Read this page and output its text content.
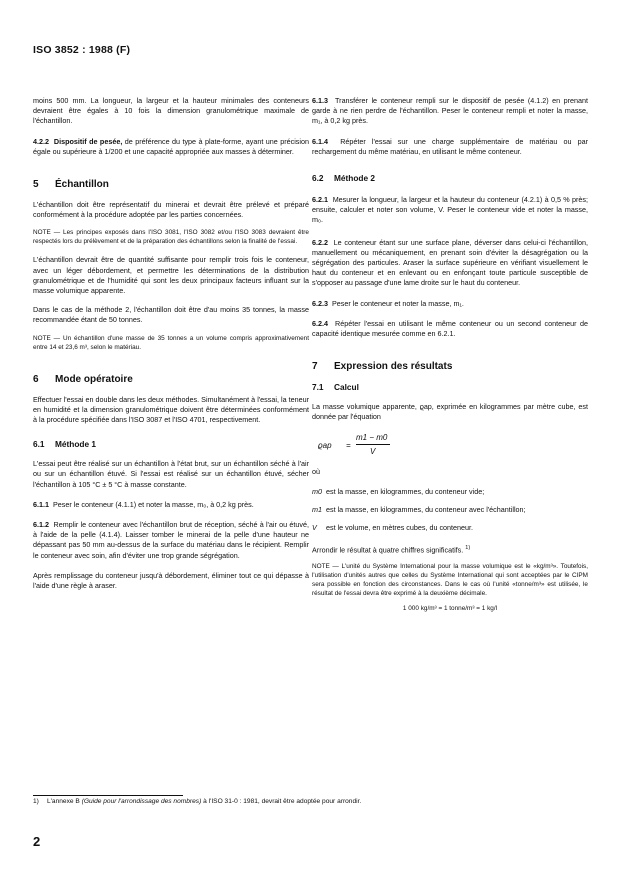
ISO 3852 : 1988 (F)

moins 500 mm. La longueur, la largeur et la hauteur minimales des conteneurs devraient être égales à 10 fois la dimension granulométrique maximale de l'échantillon.

4.2.2 Dispositif de pesée, de préférence du type à plate-forme, ayant une précision égale ou supérieure à 1/200 et une capacité appropriée aux masses à déterminer.

5 Échantillon

L'échantillon doit être représentatif du minerai et devrait être prélevé et préparé conformément à la procédure adoptée par les parties concernées.

NOTE — Les principes exposés dans l'ISO 3081, l'ISO 3082 et/ou l'ISO 3083 devraient être respectés lors du prélèvement et de la préparation des échantillons selon la finalité de l'essai.

L'échantillon devrait être de quantité suffisante pour remplir trois fois le conteneur, avec un léger débordement, et permettre les déterminations de la distribution granulométrique et de l'humidité qui sont les deux principaux facteurs influant sur la masse volumique apparente.

Dans le cas de la méthode 2, l'échantillon doit être d'au moins 35 tonnes, la masse recommandée étant de 50 tonnes.

NOTE — Un échantillon d'une masse de 35 tonnes a un volume compris approximativement entre 14 et 23,6 m³, selon le matériau.

6 Mode opératoire

Effectuer l'essai en double dans les deux méthodes. Simultanément à l'essai, la teneur en humidité et la dimension granulométrique doivent être déterminées conformément à la procédure spécifiée dans l'ISO 3087 et l'ISO 4701, respectivement.

6.1 Méthode 1

L'essai peut être réalisé sur un échantillon à l'état brut, sur un échantillon séché à l'air ou sur un échantillon étuvé. Si l'essai est réalisé sur un échantillon étuvé, sécher l'échantillon à 105 °C ± 5 °C à masse constante.

6.1.1 Peser le conteneur (4.1.1) et noter la masse, m₀, à 0,2 kg près.

6.1.2 Remplir le conteneur avec l'échantillon brut de réception, séché à l'air ou étuvé, à l'aide de la pelle (4.1.4). Laisser tomber le minerai de la pelle d'une hauteur ne dépassant pas 50 mm au-dessus de la surface du matériau dans le récipient. Remplir le conteneur avec soin, afin d'éviter une trop grande ségrégation.

Après remplissage du conteneur jusqu'à débordement, éliminer tout ce qui dépasse à l'aide d'une règle à araser.

6.1.3 Transférer le conteneur rempli sur le dispositif de pesée (4.1.2) en prenant garde à ne rien perdre de l'échantillon. Peser le conteneur rempli et noter la masse, m₁, à 0,2 kg près.

6.1.4 Répéter l'essai sur une charge supplémentaire de matériau ou par rechargement du même matériau, en utilisant le même conteneur.

6.2 Méthode 2

6.2.1 Mesurer la longueur, la largeur et la hauteur du conteneur (4.2.1) à 0,5 % près; ensuite, calculer et noter son volume, V. Peser le conteneur vide et noter la masse, m₀.

6.2.2 Le conteneur étant sur une surface plane, déverser dans celui-ci l'échantillon, manuellement ou mécaniquement, en prenant soin d'éviter la désagrégation ou la ségrégation des particules. Araser la surface supérieure en vérifiant visuellement le haut du conteneur et en enlevant ou en enfonçant toute particule susceptible de s'opposer au passage d'une lame droite sur le haut du conteneur.

6.2.3 Peser le conteneur et noter la masse, m₁.

6.2.4 Répéter l'essai en utilisant le même conteneur ou un second conteneur de capacité identique mesurée comme en 6.2.1.

7 Expression des résultats
7.1 Calcul

La masse volumique apparente, ϱap, exprimée en kilogrammes par mètre cube, est donnée par l'équation

ϱap =
m1 − m0
V

où

m0 est la masse, en kilogrammes, du conteneur vide;
m1 est la masse, en kilogrammes, du conteneur avec l'échantillon;
V	est le volume, en mètres cubes, du conteneur.

Arrondir le résultat à quatre chiffres significatifs. $^{1)}$

NOTE — L'unité du Système International pour la masse volumique est le «kg/m³». Toutefois, l'utilisation d'unités autres que celles du Système International qui sont acceptées par le CIPM sera possible en fonction des circonstances. Dans le cas où l'unité «tonne/m³» est utilisée, le résultat de l'essai devra être exprimé à la deuxième décimale.

1 000 kg/m³ = 1 tonne/m³ = 1 kg/l

1) L'annexe B (Guide pour l'arrondissage des nombres) à l'ISO 31-0 : 1981, devrait être adoptée pour arrondir.
2
